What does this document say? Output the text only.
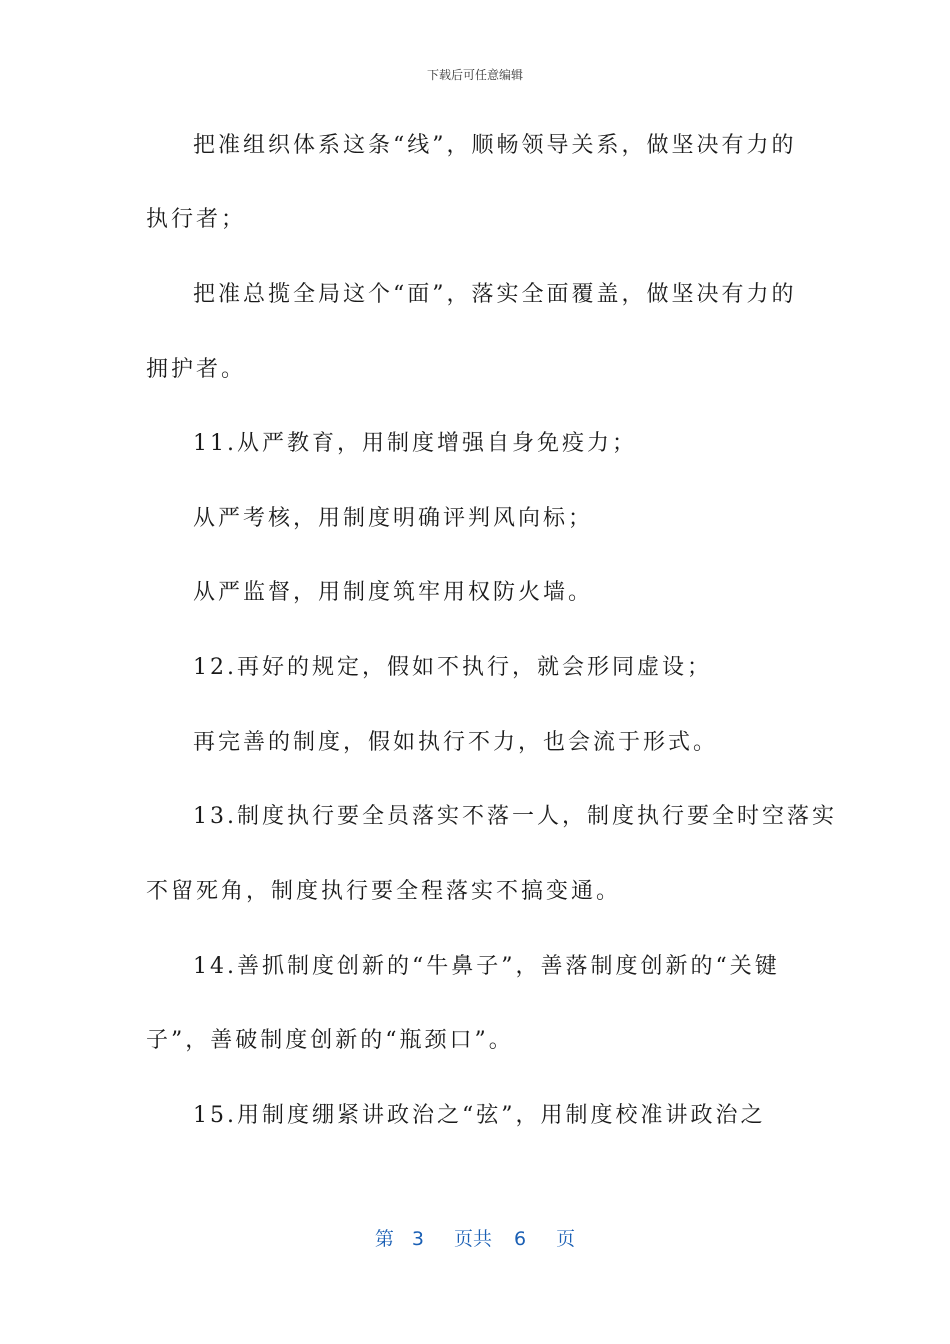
下载后可任意编辑
把准组织体系这条“线”，顺畅领导关系，做坚决有力的
执行者；
把准总揽全局这个“面”，落实全面覆盖，做坚决有力的
拥护者。
11.从严教育，用制度增强自身免疫力；
从严考核，用制度明确评判风向标；
从严监督，用制度筑牢用权防火墙。
12.再好的规定，假如不执行，就会形同虚设；
再完善的制度，假如执行不力，也会流于形式。
13.制度执行要全员落实不落一人，制度执行要全时空落实
不留死角，制度执行要全程落实不搞变通。
14.善抓制度创新的“牛鼻子”，善落制度创新的“关键
子”，善破制度创新的“瓶颈口”。
15.用制度绷紧讲政治之“弦”，用制度校准讲政治之
第 3 页共 6 页
